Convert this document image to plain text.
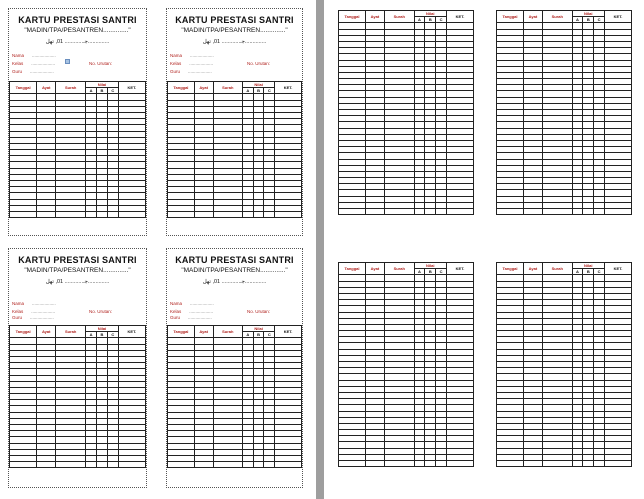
KARTU PRESTASI SANTRI
"MADIN/TPA/PESANTREN.............."
ﺟ............. 01, ﺗﻬﻞ..............
Nama ...................
Kelas ...................	No. Urutan:
Guru ...................
Tanggal	Ayat	Surah	Nilai			KET.
			A	B	C	

KARTU PRESTASI SANTRI
"MADIN/TPA/PESANTREN.............."
ﺟ............. 01, ﺗﻬﻞ..............
Nama ...................
Kelas ...................	No. Urutan:
Guru ...................
Tanggal	Ayat	Surah	Nilai			KET.
			A	B	C	

KARTU PRESTASI SANTRI
"MADIN/TPA/PESANTREN.............."
ﺟ............. 01, ﺗﻬﻞ..............
Nama ...................
Kelas ...................	No. Urutan:
Guru ...................
Tanggal	Ayat	Surah	Nilai			KET.
			A	B	C	

KARTU PRESTASI SANTRI
"MADIN/TPA/PESANTREN.............."
ﺟ............. 01, ﺗﻬﻞ..............
Nama ...................
Kelas ...................	No. Urutan:
Guru ...................
Tanggal	Ayat	Surah	Nilai			KET.
			A	B	C	

Tanggal	Ayat	Surah	Nilai			KET.
			A	B	C	

Tanggal	Ayat	Surah	Nilai			KET.
			A	B	C	

Tanggal	Ayat	Surah	Nilai			KET.
			A	B	C	

Tanggal	Ayat	Surah	Nilai			KET.
			A	B	C	
